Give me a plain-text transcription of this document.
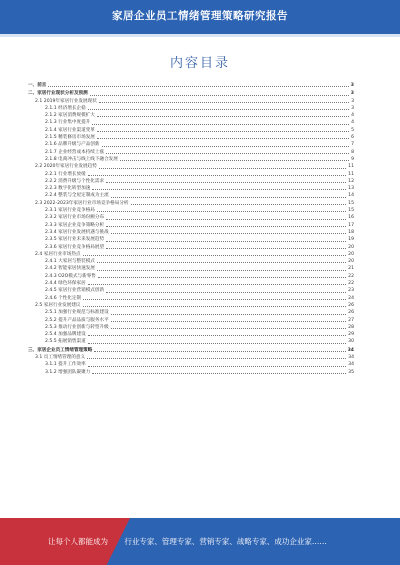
家居企业员工情绪管理策略研究报告
内容目录
一、前言	3
二、家居行业现状分析及预测	3
2.1 2019年家居行业发展现状	3
2.1.1 经济增长企稳	3
2.1.2 家居消费规模扩大	4
2.1.3 行业集中度提升	4
2.1.4 家居行业渠道变革	5
2.1.5 精装修房市场发展	6
2.1.6 品牌升级与产品创新	7
2.1.7 企业经营成本持续上涨	8
2.1.8 电商冲击与线上线下融合发展	9
2.2 2020年家居行业发展趋势	11
2.2.1 行业增长放缓	11
2.2.2 消费升级与个性化需求	12
2.2.3 数字化转型加速	13
2.2.4 整装与全屋定制成为主流	14
2.3 2022-2023年家居行业市场竞争格局分析	15
2.3.1 家居行业竞争格局	15
2.3.2 家居行业市场份额分布	16
2.3.3 家居企业竞争策略分析	17
2.3.4 家居行业发展机遇与挑战	18
2.3.5 家居行业未来发展趋势	19
2.3.6 家居行业竞争格局展望	20
2.4 家居行业市场热点	20
2.4.1 大家居与整装模式	20
2.4.2 智能家居快速发展	21
2.4.3 O2O模式与新零售	22
2.4.4 绿色环保家居	22
2.4.5 家居行业营销模式创新	23
2.4.6 个性化定制	24
2.5 家居行业发展建议	26
2.5.1 加强行业规范与标准建设	26
2.5.2 提升产品品质与服务水平	27
2.5.3 推动行业创新与转型升级	28
2.5.4 加强品牌建设	29
2.5.5 拓展销售渠道	30
三、家居企业员工情绪管理策略	34
3.1 员工情绪管理的意义	34
3.1.1 提升工作效率	34
3.1.2 增强团队凝聚力	35
让每个人都能成为 行业专家、管理专家、营销专家、战略专家、成功企业家……
